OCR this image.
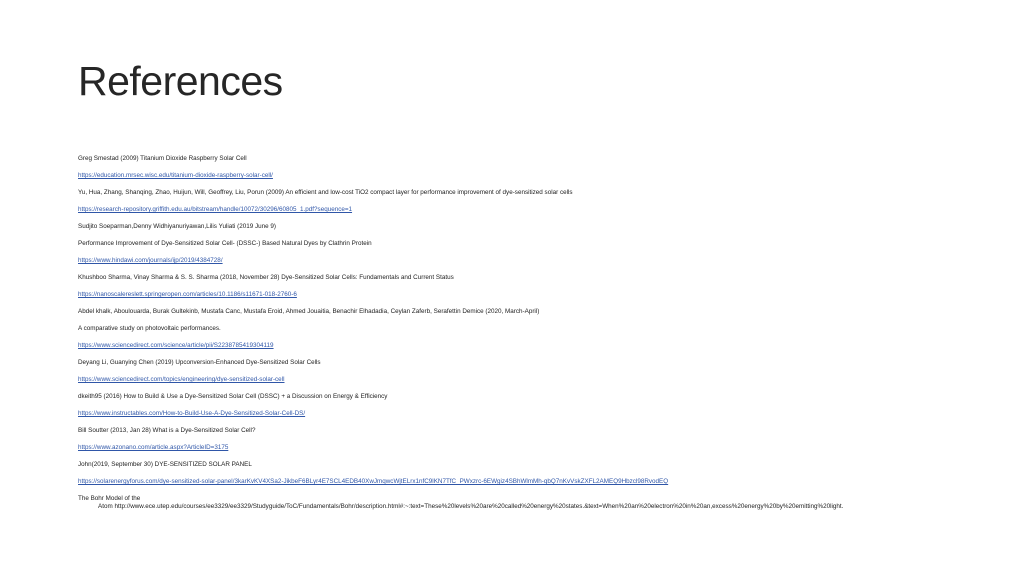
References
Greg Smestad (2009) Titanium Dioxide Raspberry Solar Cell
https://education.mrsec.wisc.edu/titanium-dioxide-raspberry-solar-cell/
Yu, Hua, Zhang, Shanqing, Zhao, Huijun, Will, Geoffrey, Liu, Porun (2009) An efficient and low-cost TiO2 compact layer for performance improvement of dye-sensitized solar cells
https://research-repository.griffith.edu.au/bitstream/handle/10072/30296/60805_1.pdf?sequence=1
Sudjito Soeparman,Denny Widhiyanuriyawan,Lilis Yuliati (2019 June 9)
Performance Improvement of Dye-Sensitized Solar Cell- (DSSC-) Based Natural Dyes by Clathrin Protein
https://www.hindawi.com/journals/ijp/2019/4384728/
Khushboo Sharma, Vinay Sharma & S. S. Sharma (2018, November 28) Dye-Sensitized Solar Cells: Fundamentals and Current Status
https://nanoscalereslett.springeropen.com/articles/10.1186/s11671-018-2760-6
Abdel khalk, Aboulouarda, Burak Gultekinb, Mustafa Canc, Mustafa Eroid, Ahmed Jouaitia, Benachir Elhadadia, Ceylan Zaferb, Serafettin Demice (2020, March-April)
A comparative study on photovoltaic performances.
https://www.sciencedirect.com/science/article/pii/S2238785419304119
Deyang Li, Guanying Chen (2019) Upconversion-Enhanced Dye-Sensitized Solar Cells
https://www.sciencedirect.com/topics/engineering/dye-sensitized-solar-cell
dkeith95 (2016) How to Build & Use a Dye-Sensitized Solar Cell (DSSC) + a Discussion on Energy & Efficiency
https://www.instructables.com/How-to-Build-Use-A-Dye-Sensitized-Solar-Cell-DS/
Bill Soutter (2013, Jan 28) What is a Dye-Sensitized Solar Cell?
https://www.azonano.com/article.aspx?ArticleID=3175
John(2019, September 30) DYE-SENSITIZED SOLAR PANEL
https://solarenergyforus.com/dye-sensitized-solar-panel/3karKvKV4XSa2-JikbeF6BLyr4E7SCL4EDB40XwJmqwcWjtELrx1nfC9lKN7TfC_PWxzrc-6EWgiz4SBhWlmMh-qbQ7nKvVskZXFL2AMEQ9Hbzcl98RvodEQ
The Bohr Model of the
Atom http://www.ece.utep.edu/courses/ee3329/ee3329/Studyguide/ToC/Fundamentals/Bohr/description.html#:~:text=These%20levels%20are%20called%20energy%20states.&text=When%20an%20electron%20in%20an,excess%20energy%20by%20emitting%20light.
